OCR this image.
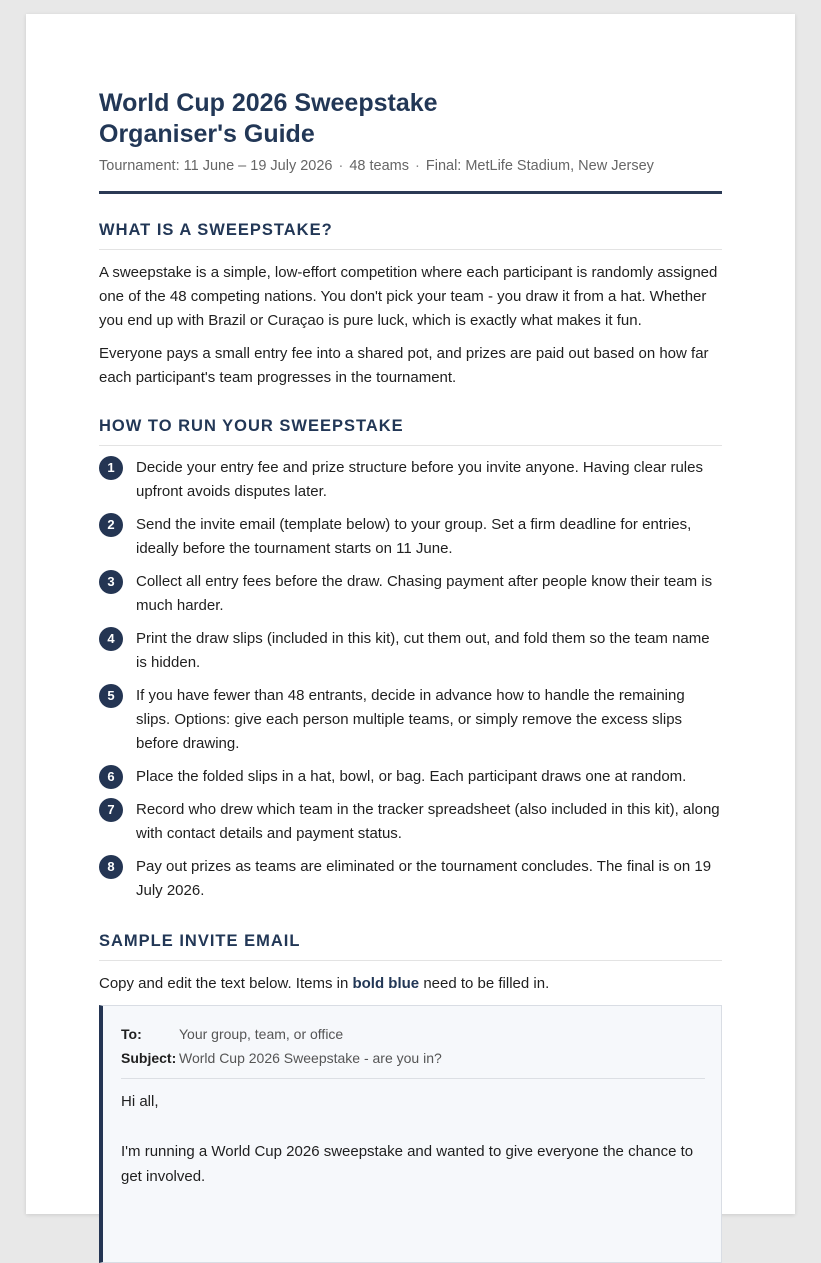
World Cup 2026 Sweepstake Organiser's Guide
Tournament: 11 June – 19 July 2026 · 48 teams · Final: MetLife Stadium, New Jersey
WHAT IS A SWEEPSTAKE?

A sweepstake is a simple, low-effort competition where each participant is randomly assigned one of the 48 competing nations. You don't pick your team - you draw it from a hat. Whether you end up with Brazil or Curaçao is pure luck, which is exactly what makes it fun.

Everyone pays a small entry fee into a shared pot, and prizes are paid out based on how far each participant's team progresses in the tournament.

HOW TO RUN YOUR SWEEPSTAKE
1	Decide your entry fee and prize structure before you invite anyone. Having clear rules upfront avoids disputes later.
2	Send the invite email (template below) to your group. Set a firm deadline for entries, ideally before the tournament starts on 11 June.
3	Collect all entry fees before the draw. Chasing payment after people know their team is much harder.
4	Print the draw slips (included in this kit), cut them out, and fold them so the team name is hidden.
5	If you have fewer than 48 entrants, decide in advance how to handle the remaining slips. Options: give each person multiple teams, or simply remove the excess slips before drawing.
6	Place the folded slips in a hat, bowl, or bag. Each participant draws one at random.
7	Record who drew which team in the tracker spreadsheet (also included in this kit), along with contact details and payment status.
8	Pay out prizes as teams are eliminated or the tournament concludes. The final is on 19 July 2026.
SAMPLE INVITE EMAIL

Copy and edit the text below. Items in bold blue need to be filled in.

To:	Your group, team, or office
Subject: World Cup 2026 Sweepstake - are you in?

Hi all,

I'm running a World Cup 2026 sweepstake and wanted to give everyone the chance to get involved.
